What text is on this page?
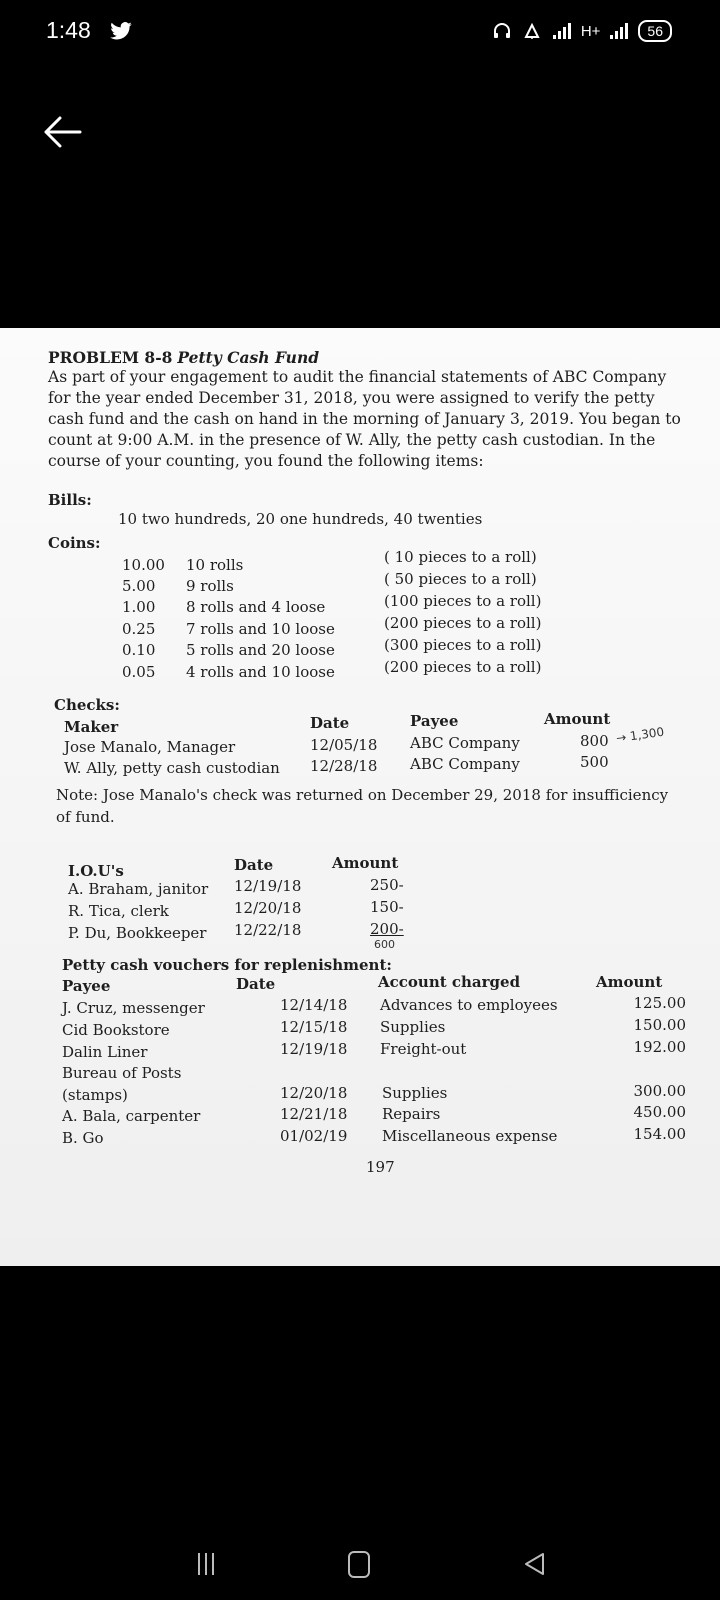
1:48	H+	56
PROBLEM 8-8 Petty Cash Fund
As part of your engagement to audit the financial statements of ABC Company
for the year ended December 31, 2018, you were assigned to verify the petty
cash fund and the cash on hand in the morning of January 3, 2019. You began to
count at 9:00 A.M. in the presence of W. Ally, the petty cash custodian. In the
course of your counting, you found the following items:
Bills:
10 two hundreds, 20 one hundreds, 40 twenties
Coins:
10.00 10 rolls	( 10 pieces to a roll)
5.00 9 rolls	( 50 pieces to a roll)
1.00 8 rolls and 4 loose	(100 pieces to a roll)
0.25 7 rolls and 10 loose	(200 pieces to a roll)
0.10 5 rolls and 20 loose	(300 pieces to a roll)
0.05 4 rolls and 10 loose	(200 pieces to a roll)
Checks:
Maker	Date	Payee	Amount
Jose Manalo, Manager	12/05/18 ABC Company	800
W. Ally, petty cash custodian 12/28/18 ABC Company	500
→ 1,300
Note: Jose Manalo's check was returned on December 29, 2018 for insufficiency
of fund.
I.O.U's	Date	Amount
A. Braham, janitor 12/19/18	250-
R. Tica, clerk	12/20/18	150-
P. Du, Bookkeeper 12/22/18	200-
600
Petty cash vouchers for replenishment:
Payee	Date	Account charged	Amount
J. Cruz, messenger	12/14/18 Advances to employees	125.00
Cid Bookstore	12/15/18 Supplies	150.00
Dalin Liner	12/19/18 Freight-out	192.00
Bureau of Posts
(stamps)	12/20/18 Supplies	300.00
A. Bala, carpenter	12/21/18 Repairs	450.00
B. Go	01/02/19 Miscellaneous expense	154.00
197
